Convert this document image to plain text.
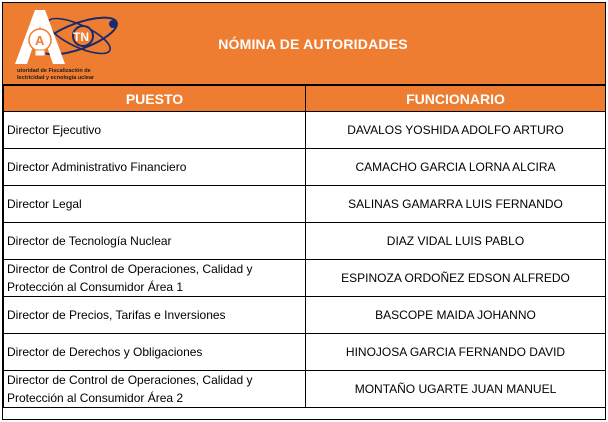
A TN
utoridad de Fiscalización de
lectricidad y ecnología uclear
NÓMINA DE AUTORIDADES
PUESTO	FUNCIONARIO
Director Ejecutivo	DAVALOS YOSHIDA ADOLFO ARTURO
Director Administrativo Financiero	CAMACHO GARCIA LORNA ALCIRA
Director Legal	SALINAS GAMARRA LUIS FERNANDO
Director de Tecnología Nuclear	DIAZ VIDAL LUIS PABLO
Director de Control de Operaciones, Calidad y Protección al Consumidor Área 1	ESPINOZA ORDOÑEZ EDSON ALFREDO
Director de Precios, Tarifas e Inversiones	BASCOPE MAIDA JOHANNO
Director de Derechos y Obligaciones	HINOJOSA GARCIA FERNANDO DAVID
Director de Control de Operaciones, Calidad y Protección al Consumidor Área 2	MONTAÑO UGARTE JUAN MANUEL
